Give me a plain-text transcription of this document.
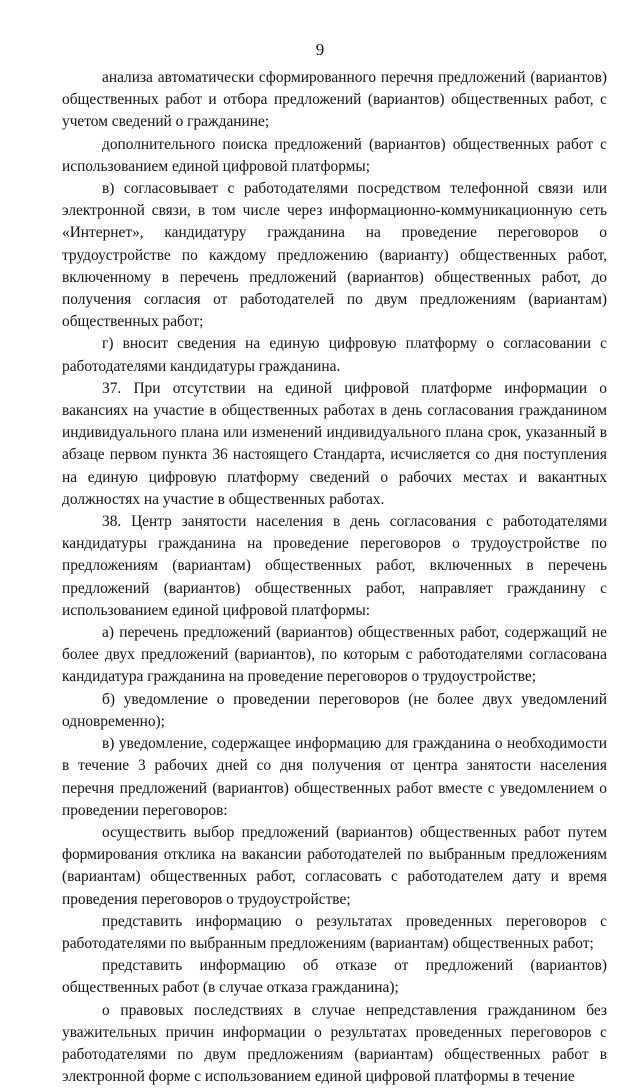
9

анализа автоматически сформированного перечня предложений (вариантов) общественных работ и отбора предложений (вариантов) общественных работ, с учетом сведений о гражданине;

дополнительного поиска предложений (вариантов) общественных работ с использованием единой цифровой платформы;

в) согласовывает с работодателями посредством телефонной связи или электронной связи, в том числе через информационно-коммуникационную сеть «Интернет», кандидатуру гражданина на проведение переговоров о трудоустройстве по каждому предложению (варианту) общественных работ, включенному в перечень предложений (вариантов) общественных работ, до получения согласия от работодателей по двум предложениям (вариантам) общественных работ;

г) вносит сведения на единую цифровую платформу о согласовании с работодателями кандидатуры гражданина.

37. При отсутствии на единой цифровой платформе информации о вакансиях на участие в общественных работах в день согласования гражданином индивидуального плана или изменений индивидуального плана срок, указанный в абзаце первом пункта 36 настоящего Стандарта, исчисляется со дня поступления на единую цифровую платформу сведений о рабочих местах и вакантных должностях на участие в общественных работах.

38. Центр занятости населения в день согласования с работодателями кандидатуры гражданина на проведение переговоров о трудоустройстве по предложениям (вариантам) общественных работ, включенных в перечень предложений (вариантов) общественных работ, направляет гражданину с использованием единой цифровой платформы:

а) перечень предложений (вариантов) общественных работ, содержащий не более двух предложений (вариантов), по которым с работодателями согласована кандидатура гражданина на проведение переговоров о трудоустройстве;

б) уведомление о проведении переговоров (не более двух уведомлений одновременно);

в) уведомление, содержащее информацию для гражданина о необходимости в течение 3 рабочих дней со дня получения от центра занятости населения перечня предложений (вариантов) общественных работ вместе с уведомлением о проведении переговоров:

осуществить выбор предложений (вариантов) общественных работ путем формирования отклика на вакансии работодателей по выбранным предложениям (вариантам) общественных работ, согласовать с работодателем дату и время проведения переговоров о трудоустройстве;

представить информацию о результатах проведенных переговоров с работодателями по выбранным предложениям (вариантам) общественных работ;

представить информацию об отказе от предложений (вариантов) общественных работ (в случае отказа гражданина);

о правовых последствиях в случае непредставления гражданином без уважительных причин информации о результатах проведенных переговоров с работодателями по двум предложениям (вариантам) общественных работ в электронной форме с использованием единой цифровой платформы в течение
